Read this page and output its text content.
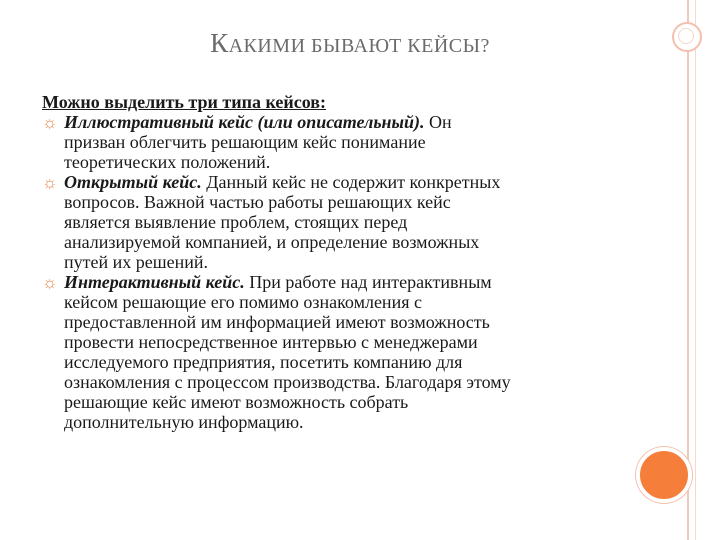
КАКИМИ БЫВАЮТ КЕЙСЫ?
Можно выделить три типа кейсов:
☼ Иллюстративный кейс (или описательный). Он
призван облегчить решающим кейс понимание
теоретических положений.
☼ Открытый кейс. Данный кейс не содержит конкретных
вопросов. Важной частью работы решающих кейс
является выявление проблем, стоящих перед
анализируемой компанией, и определение возможных
путей их решений.
☼ Интерактивный кейс. При работе над интерактивным
кейсом решающие его помимо ознакомления с
предоставленной им информацией имеют возможность
провести непосредственное интервью с менеджерами
исследуемого предприятия, посетить компанию для
ознакомления с процессом производства. Благодаря этому
решающие кейс имеют возможность собрать
дополнительную информацию.
